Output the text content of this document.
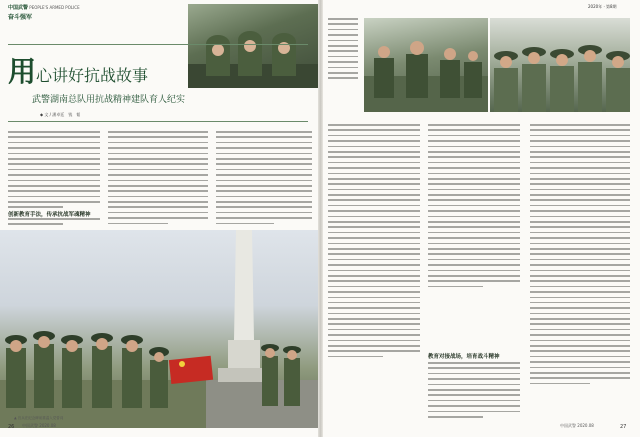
中国武警 PEOPLE'S ARMED POLICE
奋斗强军
用心讲好抗战故事
武警湖南总队用抗战精神建队育人纪实
◆ 文 / 潘卓廷　钱　韬
创新教育手法，传承抗战军魂精神
▲ 官兵在纪念碑前重温入党誓词
26 中国武警 2020.08
2020年 · 第8期
教育对接战场，培育战斗精神
中国武警 2020.08	27
